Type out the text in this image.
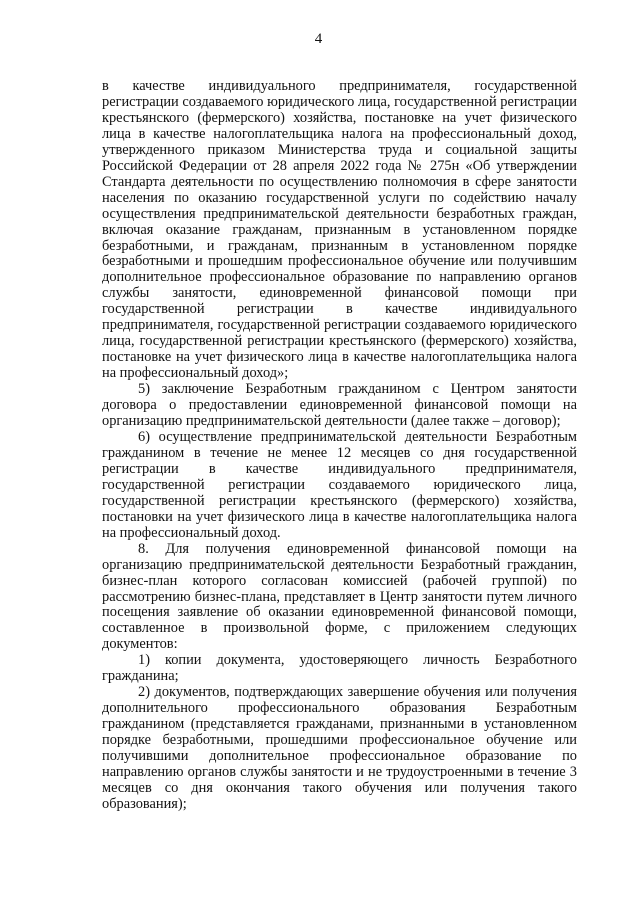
4

в качестве индивидуального предпринимателя, государственной регистрации создаваемого юридического лица, государственной регистрации крестьянского (фермерского) хозяйства, постановке на учет физического лица в качестве налогоплательщика налога на профессиональный доход, утвержденного приказом Министерства труда и социальной защиты Российской Федерации от 28 апреля 2022 года № 275н «Об утверждении Стандарта деятельности по осуществлению полномочия в сфере занятости населения по оказанию государственной услуги по содействию началу осуществления предпринимательской деятельности безработных граждан, включая оказание гражданам, признанным в установленном порядке безработными, и гражданам, признанным в установленном порядке безработными и прошедшим профессиональное обучение или получившим дополнительное профессиональное образование по направлению органов службы занятости, единовременной финансовой помощи при государственной регистрации в качестве индивидуального предпринимателя, государственной регистрации создаваемого юридического лица, государственной регистрации крестьянского (фермерского) хозяйства, постановке на учет физического лица в качестве налогоплательщика налога на профессиональный доход»;

5) заключение Безработным гражданином с Центром занятости договора о предоставлении единовременной финансовой помощи на организацию предпринимательской деятельности (далее также – договор);

6) осуществление предпринимательской деятельности Безработным гражданином в течение не менее 12 месяцев со дня государственной регистрации в качестве индивидуального предпринимателя, государственной регистрации создаваемого юридического лица, государственной регистрации крестьянского (фермерского) хозяйства, постановки на учет физического лица в качестве налогоплательщика налога на профессиональный доход.

8. Для получения единовременной финансовой помощи на организацию предпринимательской деятельности Безработный гражданин, бизнес-план которого согласован комиссией (рабочей группой) по рассмотрению бизнес-плана, представляет в Центр занятости путем личного посещения заявление об оказании единовременной финансовой помощи, составленное в произвольной форме, с приложением следующих документов:

1) копии документа, удостоверяющего личность Безработного гражданина;

2) документов, подтверждающих завершение обучения или получения дополнительного профессионального образования Безработным гражданином (представляется гражданами, признанными в установленном порядке безработными, прошедшими профессиональное обучение или получившими дополнительное профессиональное образование по направлению органов службы занятости и не трудоустроенными в течение 3 месяцев со дня окончания такого обучения или получения такого образования);
